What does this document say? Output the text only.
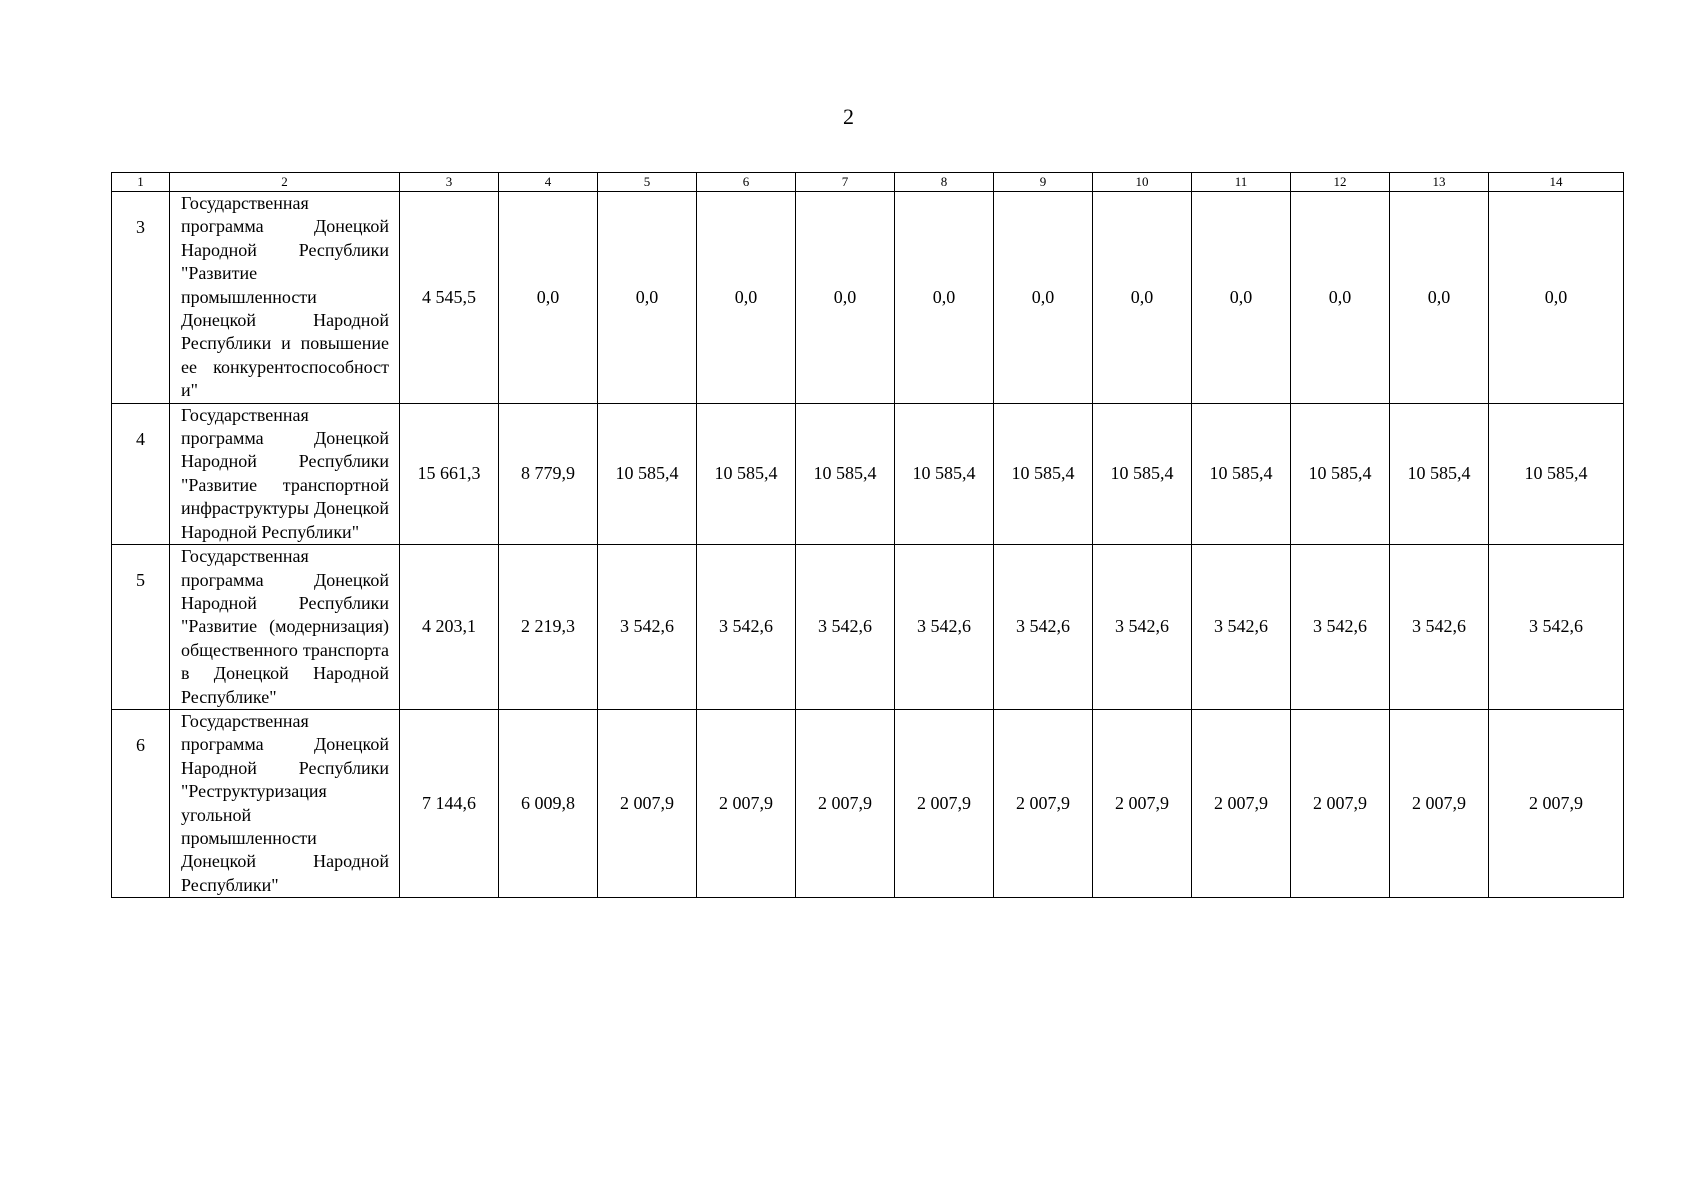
2
1	2	3	4	5	6	7	8	9	10	11	12	13	14
3	Государственная программа Донецкой Народной Республики "Развитие промышленности Донецкой Народной Республики и повышение ее конкурентоспособност и"	4 545,5	0,0	0,0	0,0	0,0	0,0	0,0	0,0	0,0	0,0	0,0	0,0
4	Государственная программа Донецкой Народной Республики "Развитие транспортной инфраструктуры Донецкой Народной Республики"	15 661,3	8 779,9	10 585,4	10 585,4	10 585,4	10 585,4	10 585,4	10 585,4	10 585,4	10 585,4	10 585,4	10 585,4
5	Государственная программа Донецкой Народной Республики "Развитие (модернизация) общественного транспорта в Донецкой Народной Республике"	4 203,1	2 219,3	3 542,6	3 542,6	3 542,6	3 542,6	3 542,6	3 542,6	3 542,6	3 542,6	3 542,6	3 542,6
6	Государственная программа Донецкой Народной Республики "Реструктуризация угольной промышленности Донецкой Народной Республики"	7 144,6	6 009,8	2 007,9	2 007,9	2 007,9	2 007,9	2 007,9	2 007,9	2 007,9	2 007,9	2 007,9	2 007,9
